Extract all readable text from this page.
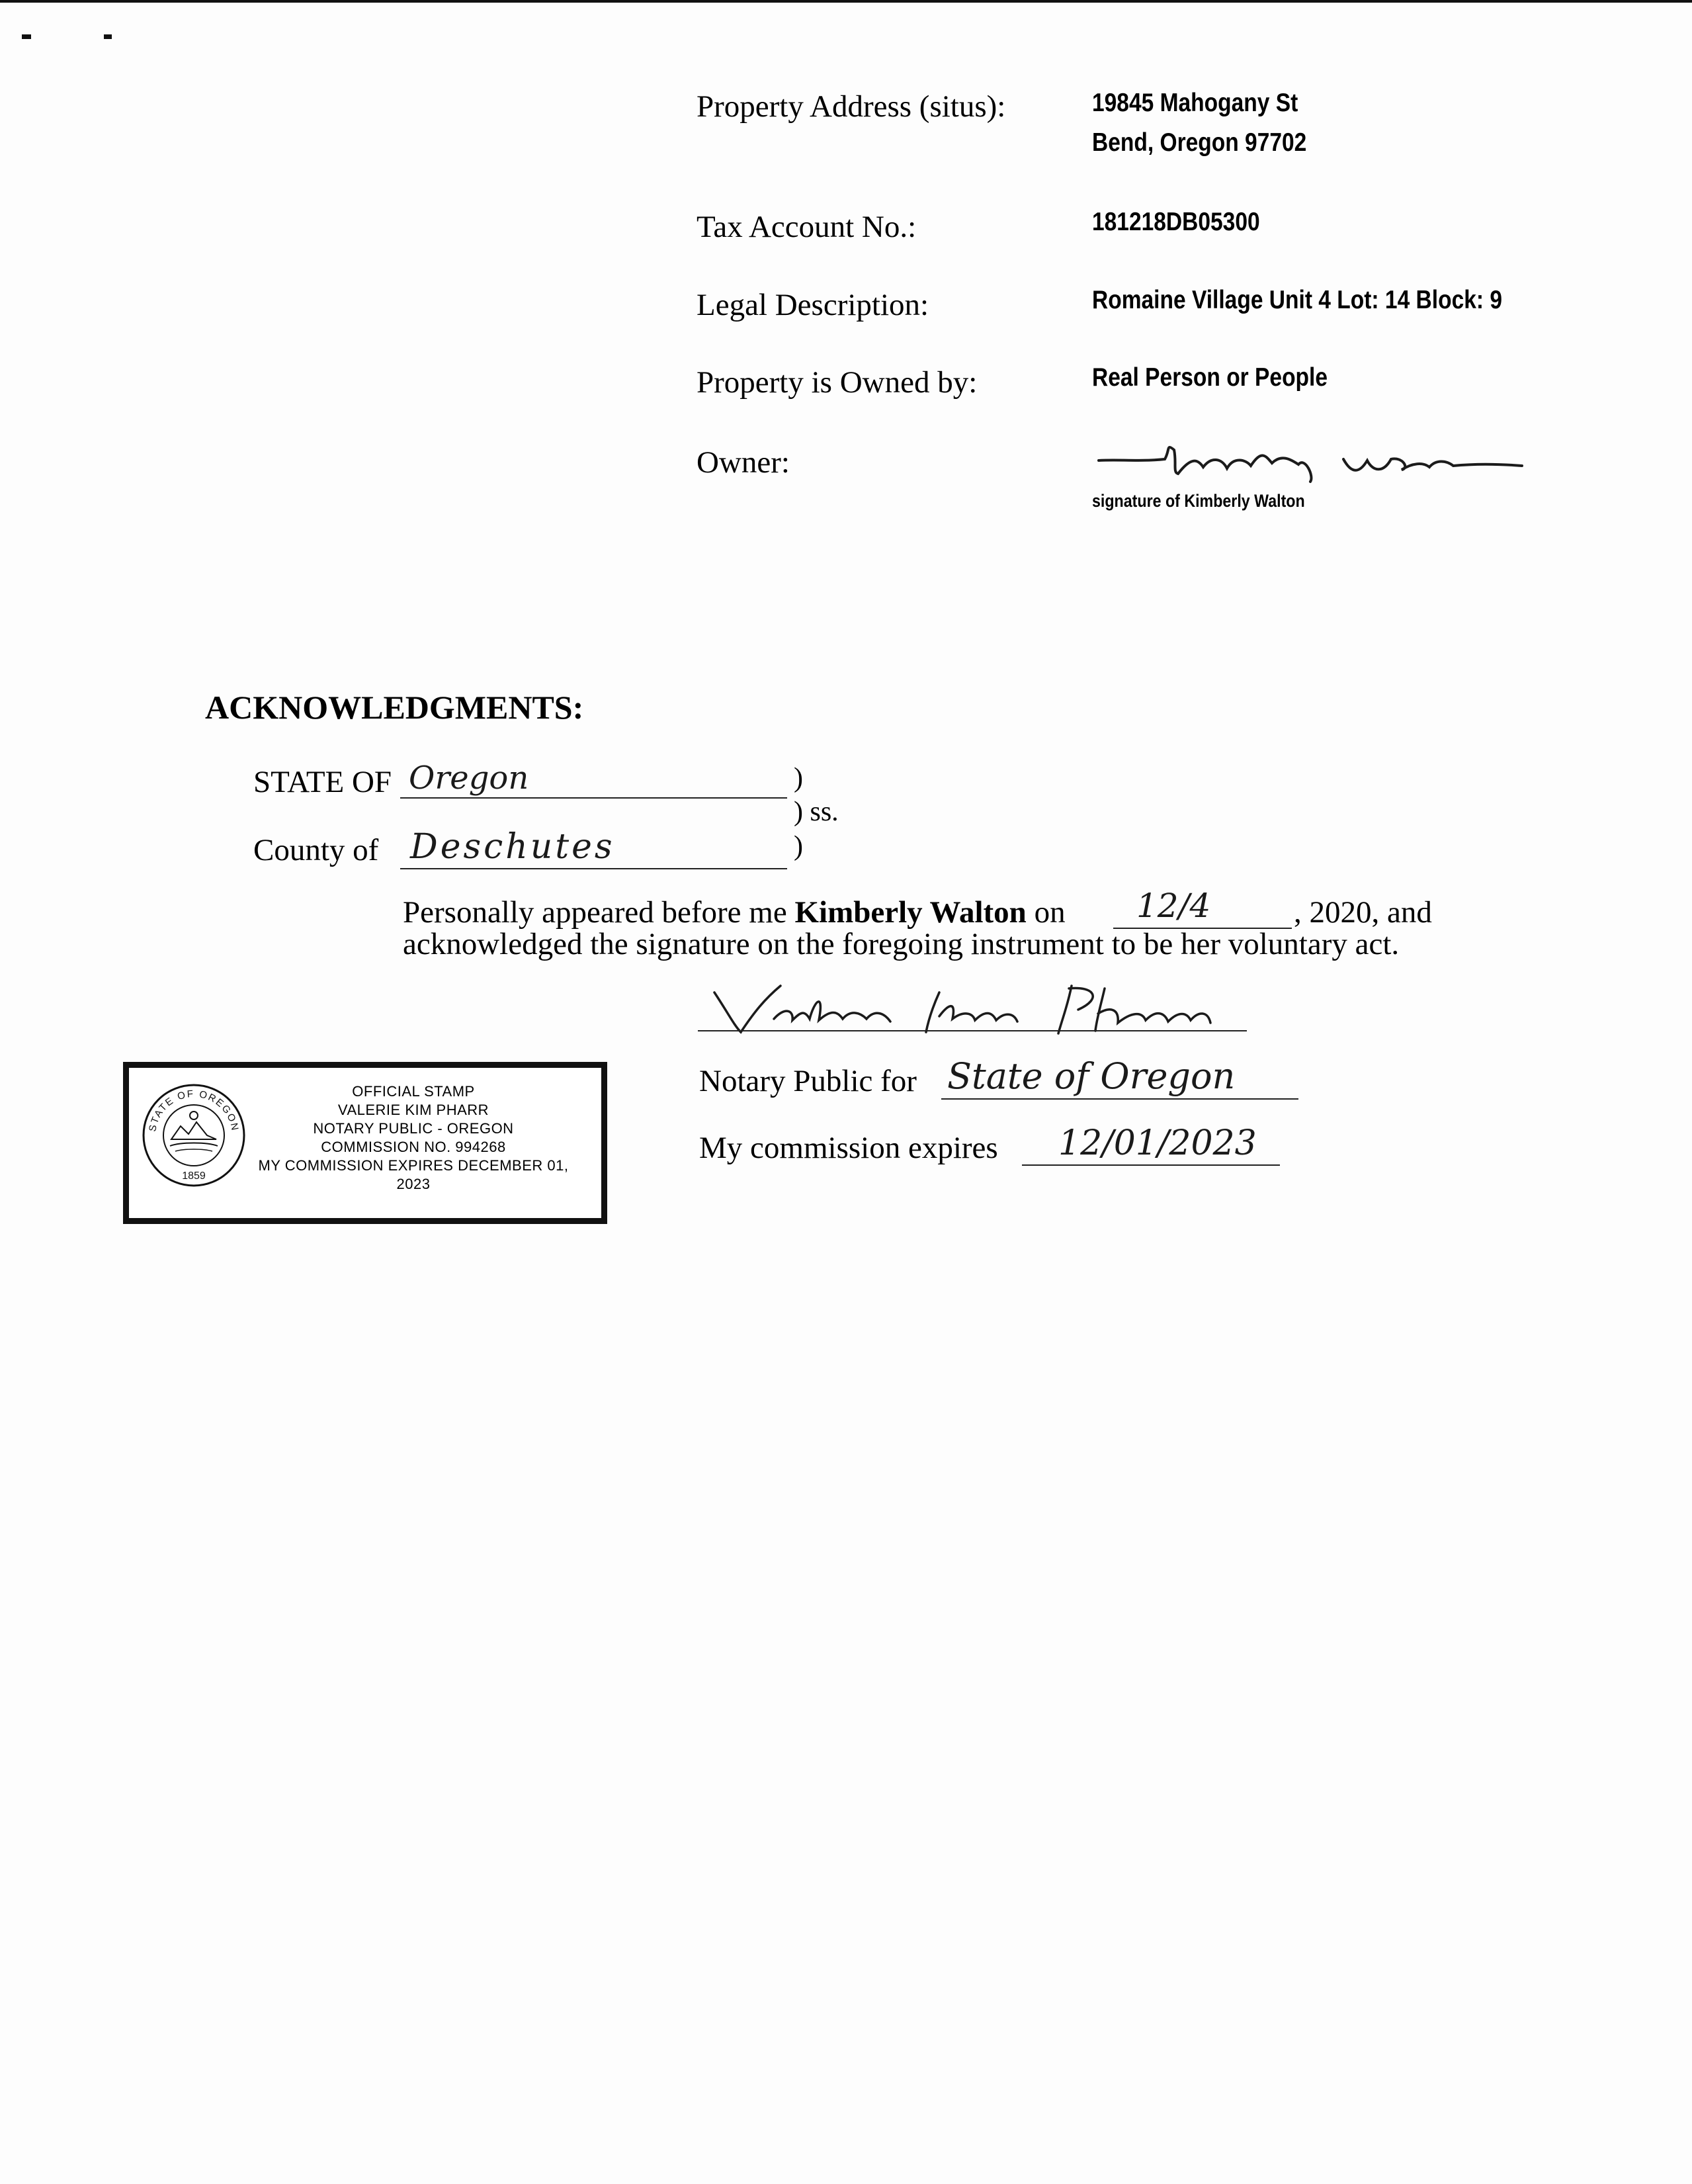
Property Address (situs):	19845 Mahogany St
Bend, Oregon 97702
Tax Account No.:	181218DB05300
Legal Description:	Romaine Village Unit 4 Lot: 14 Block: 9
Property is Owned by:	Real Person or People
Owner:
signature of Kimberly Walton
ACKNOWLEDGMENTS:
STATE OF Oregon	)
) ss.
County of Deschutes	)
Personally appeared before me Kimberly Walton on 12/4	, 2020, and
acknowledged the signature on the foregoing instrument to be her voluntary act.
Notary Public for State of Oregon
My commission expires 12/01/2023
1859
STATE OF OREGON
OFFICIAL STAMP
VALERIE KIM PHARR
NOTARY PUBLIC - OREGON
COMMISSION NO. 994268
MY COMMISSION EXPIRES DECEMBER 01, 2023
